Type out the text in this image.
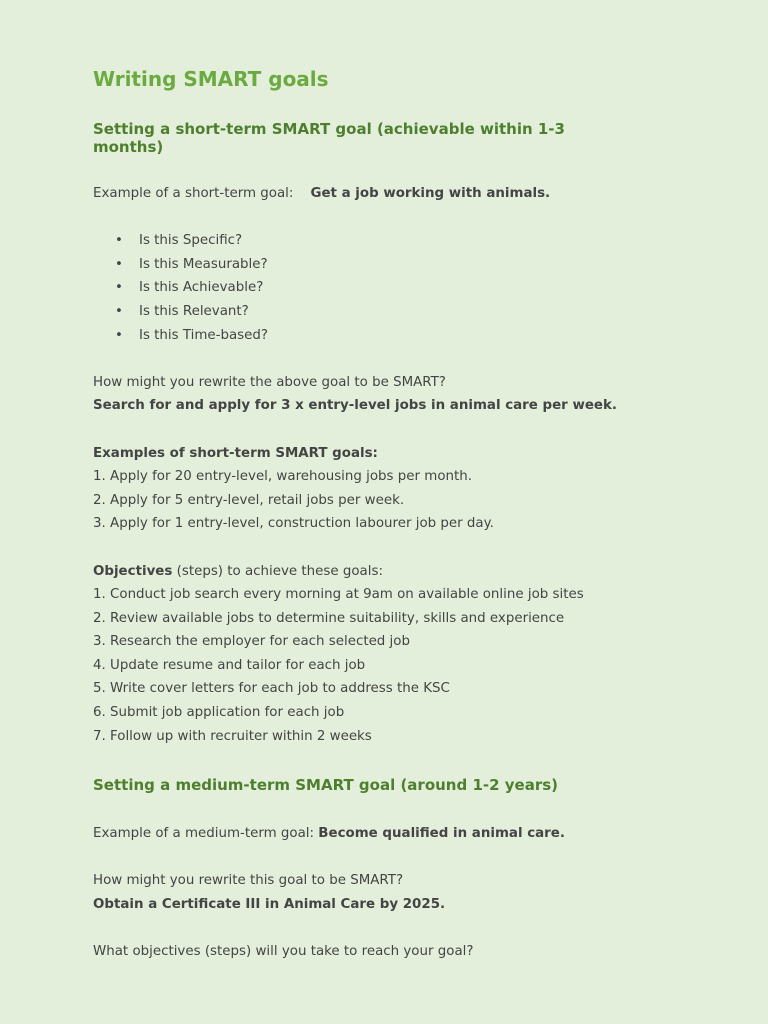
Writing SMART goals
Setting a short-term SMART goal (achievable within 1-3 months)

Example of a short-term goal: Get a job working with animals.

• Is this Specific?
• Is this Measurable?
• Is this Achievable?
• Is this Relevant?
• Is this Time-based?

How might you rewrite the above goal to be SMART?

Search for and apply for 3 x entry-level jobs in animal care per week.

Examples of short-term SMART goals:

1. Apply for 20 entry-level, warehousing jobs per month.

2. Apply for 5 entry-level, retail jobs per week.

3. Apply for 1 entry-level, construction labourer job per day.

Objectives (steps) to achieve these goals:

1. Conduct job search every morning at 9am on available online job sites

2. Review available jobs to determine suitability, skills and experience

3. Research the employer for each selected job

4. Update resume and tailor for each job

5. Write cover letters for each job to address the KSC

6. Submit job application for each job

7. Follow up with recruiter within 2 weeks

Setting a medium-term SMART goal (around 1-2 years)

Example of a medium-term goal: Become qualified in animal care.

How might you rewrite this goal to be SMART?

Obtain a Certificate III in Animal Care by 2025.

What objectives (steps) will you take to reach your goal?
